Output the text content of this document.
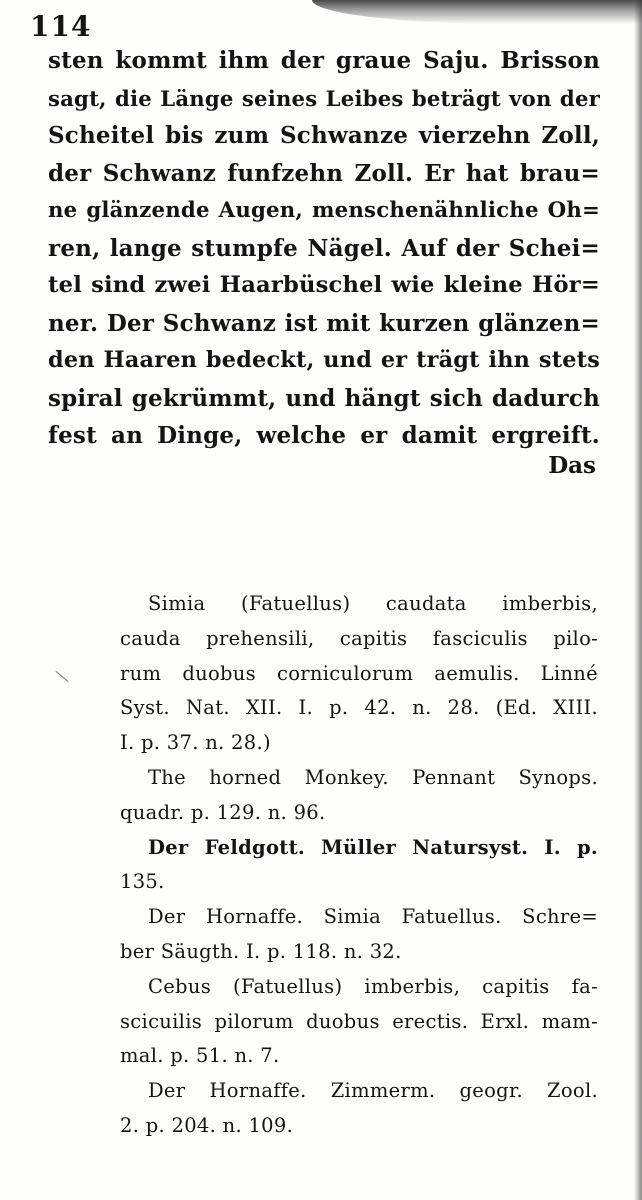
114
sten kommt ihm der graue Saju. Brisson
sagt, die Länge seines Leibes beträgt von der
Scheitel bis zum Schwanze vierzehn Zoll,
der Schwanz funfzehn Zoll. Er hat brau=
ne glänzende Augen, menschenähnliche Oh=
ren, lange stumpfe Nägel. Auf der Schei=
tel sind zwei Haarbüschel wie kleine Hör=
ner. Der Schwanz ist mit kurzen glänzen=
den Haaren bedeckt, und er trägt ihn stets
spiral gekrümmt, und hängt sich dadurch
fest an Dinge, welche er damit ergreift.
Das
Simia (Fatuellus) caudata imberbis,
cauda prehensili, capitis fasciculis pilo-
rum duobus corniculorum aemulis. Linné
Syst. Nat. XII. I. p. 42. n. 28. (Ed. XIII.
I. p. 37. n. 28.)
The horned Monkey. Pennant Synops.
quadr. p. 129. n. 96.
Der Feldgott. Müller Natursyst. I. p.
135.
Der Hornaffe. Simia Fatuellus. Schre=
ber Säugth. I. p. 118. n. 32.
Cebus (Fatuellus) imberbis, capitis fa-
scicuilis pilorum duobus erectis. Erxl. mam-
mal. p. 51. n. 7.
Der Hornaffe. Zimmerm. geogr. Zool.
2. p. 204. n. 109.
